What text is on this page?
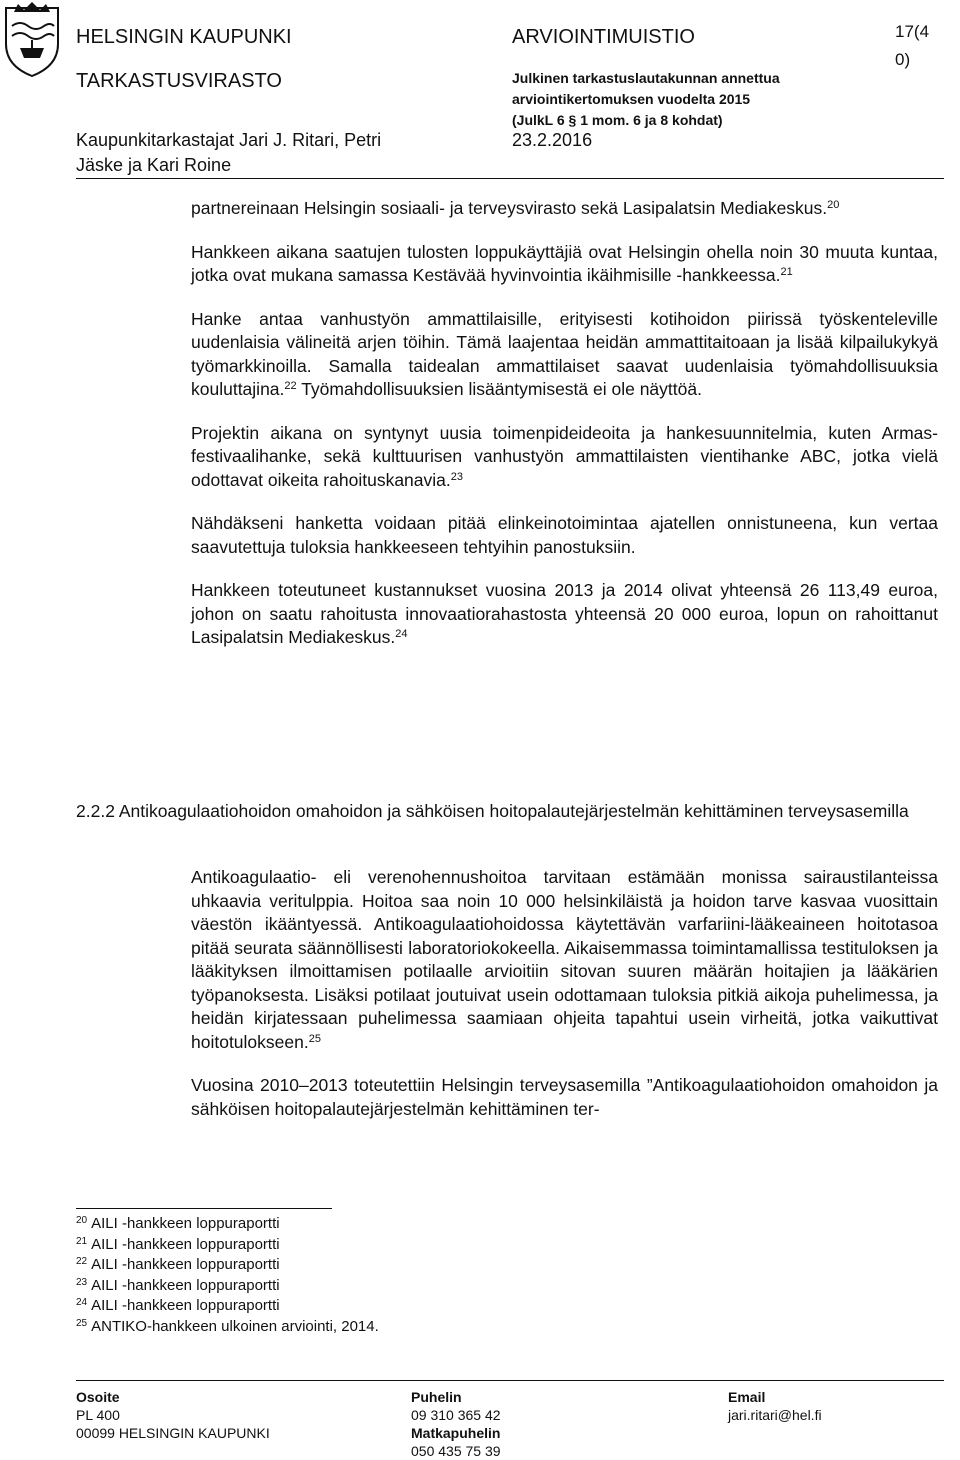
HELSINGIN KAUPUNKI
TARKASTUSVIRASTO
Kaupunkitarkastajat Jari J. Ritari, Petri
Jäske ja Kari Roine
ARVIOINTIMUISTIO
Julkinen tarkastuslautakunnan annettua
arviointikertomuksen vuodelta 2015
(JulkL 6 § 1 mom. 6 ja 8 kohdat)
23.2.2016
17(4
0)

partnereinaan Helsingin sosiaali- ja terveysvirasto sekä Lasipalatsin Mediakeskus.$^{20}$

Hankkeen aikana saatujen tulosten loppukäyttäjiä ovat Helsingin ohella noin 30 muuta kuntaa, jotka ovat mukana samassa Kestävää hyvinvointia ikäihmisille -hankkeessa.$^{21}$

Hanke antaa vanhustyön ammattilaisille, erityisesti kotihoidon piirissä työskenteleville uudenlaisia välineitä arjen töihin. Tämä laajentaa heidän ammattitaitoaan ja lisää kilpailukykyä työmarkkinoilla. Samalla taidealan ammattilaiset saavat uudenlaisia työmahdollisuuksia kouluttajina.$^{22}$ Työmahdollisuuksien lisääntymisestä ei ole näyttöä.

Projektin aikana on syntynyt uusia toimenpideideoita ja hankesuunnitelmia, kuten Armas-festivaalihanke, sekä kulttuurisen vanhustyön ammattilaisten vientihanke ABC, jotka vielä odottavat oikeita rahoituskanavia.$^{23}$

Nähdäkseni hanketta voidaan pitää elinkeinotoimintaa ajatellen onnistuneena, kun vertaa saavutettuja tuloksia hankkeeseen tehtyihin panostuksiin.

Hankkeen toteutuneet kustannukset vuosina 2013 ja 2014 olivat yhteensä 26 113,49 euroa, johon on saatu rahoitusta innovaatiorahastosta yhteensä 20 000 euroa, lopun on rahoittanut Lasipalatsin Mediakeskus.$^{24}$

2.2.2 Antikoagulaatiohoidon omahoidon ja sähköisen hoitopalautejärjestelmän kehittäminen terveysasemilla

Antikoagulaatio- eli verenohennushoitoa tarvitaan estämään monissa sairaustilanteissa uhkaavia veritulppia. Hoitoa saa noin 10 000 helsinkiläistä ja hoidon tarve kasvaa vuosittain väestön ikääntyessä. Antikoagulaatiohoidossa käytettävän varfariini-lääkeaineen hoitotasoa pitää seurata säännöllisesti laboratoriokokeella. Aikaisemmassa toimintamallissa testituloksen ja lääkityksen ilmoittamisen potilaalle arvioitiin sitovan suuren määrän hoitajien ja lääkärien työpanoksesta. Lisäksi potilaat joutuivat usein odottamaan tuloksia pitkiä aikoja puhelimessa, ja heidän kirjatessaan puhelimessa saamiaan ohjeita tapahtui usein virheitä, jotka vaikuttivat hoitotulokseen.$^{25}$

Vuosina 2010–2013 toteutettiin Helsingin terveysasemilla ”Antikoagulaatiohoidon omahoidon ja sähköisen hoitopalautejärjestelmän kehittäminen ter-

$^{20}$ AILI -hankkeen loppuraportti
$^{21}$ AILI -hankkeen loppuraportti
$^{22}$ AILI -hankkeen loppuraportti
$^{23}$ AILI -hankkeen loppuraportti
$^{24}$ AILI -hankkeen loppuraportti
$^{25}$ ANTIKO-hankkeen ulkoinen arviointi, 2014.
Osoite
PL 400
00099 HELSINGIN KAUPUNKI
Puhelin
09 310 365 42
Matkapuhelin
050 435 75 39
Email
jari.ritari@hel.fi
